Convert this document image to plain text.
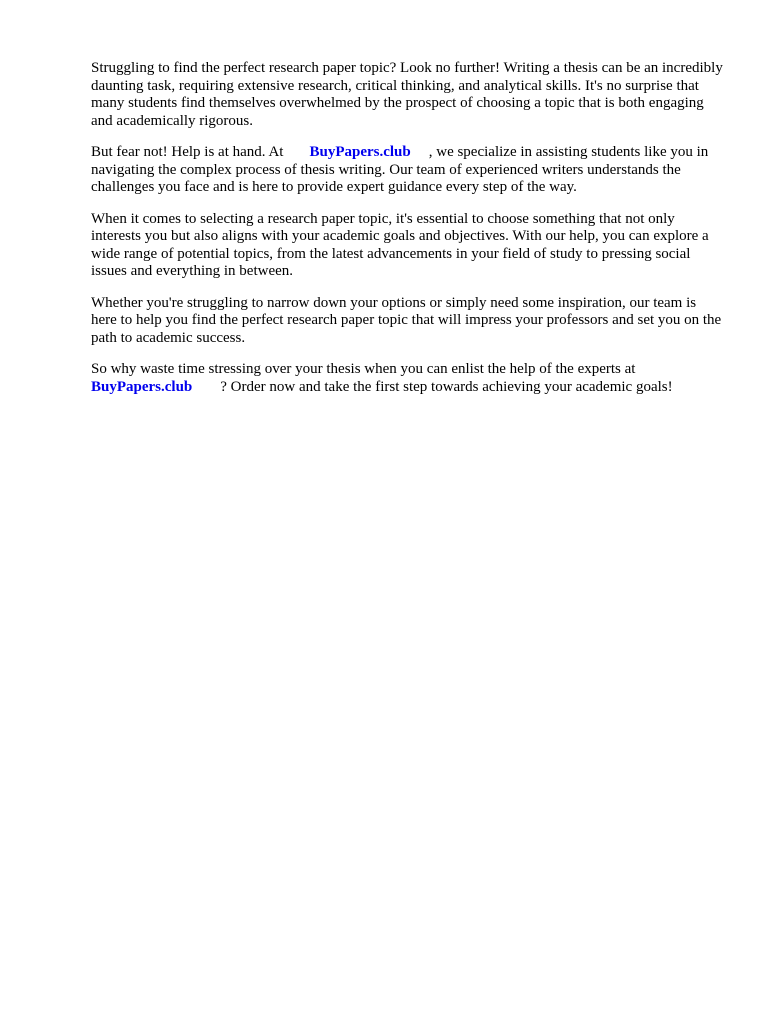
Struggling to find the perfect research paper topic? Look no further! Writing a thesis can be an incredibly daunting task, requiring extensive research, critical thinking, and analytical skills. It's no surprise that many students find themselves overwhelmed by the prospect of choosing a topic that is both engaging and academically rigorous.

But fear not! Help is at hand. At BuyPapers.club , we specialize in assisting students like you in navigating the complex process of thesis writing. Our team of experienced writers understands the challenges you face and is here to provide expert guidance every step of the way.

When it comes to selecting a research paper topic, it's essential to choose something that not only interests you but also aligns with your academic goals and objectives. With our help, you can explore a wide range of potential topics, from the latest advancements in your field of study to pressing social issues and everything in between.

Whether you're struggling to narrow down your options or simply need some inspiration, our team is here to help you find the perfect research paper topic that will impress your professors and set you on the path to academic success.

So why waste time stressing over your thesis when you can enlist the help of the experts at
BuyPapers.club ? Order now and take the first step towards achieving your academic goals!
